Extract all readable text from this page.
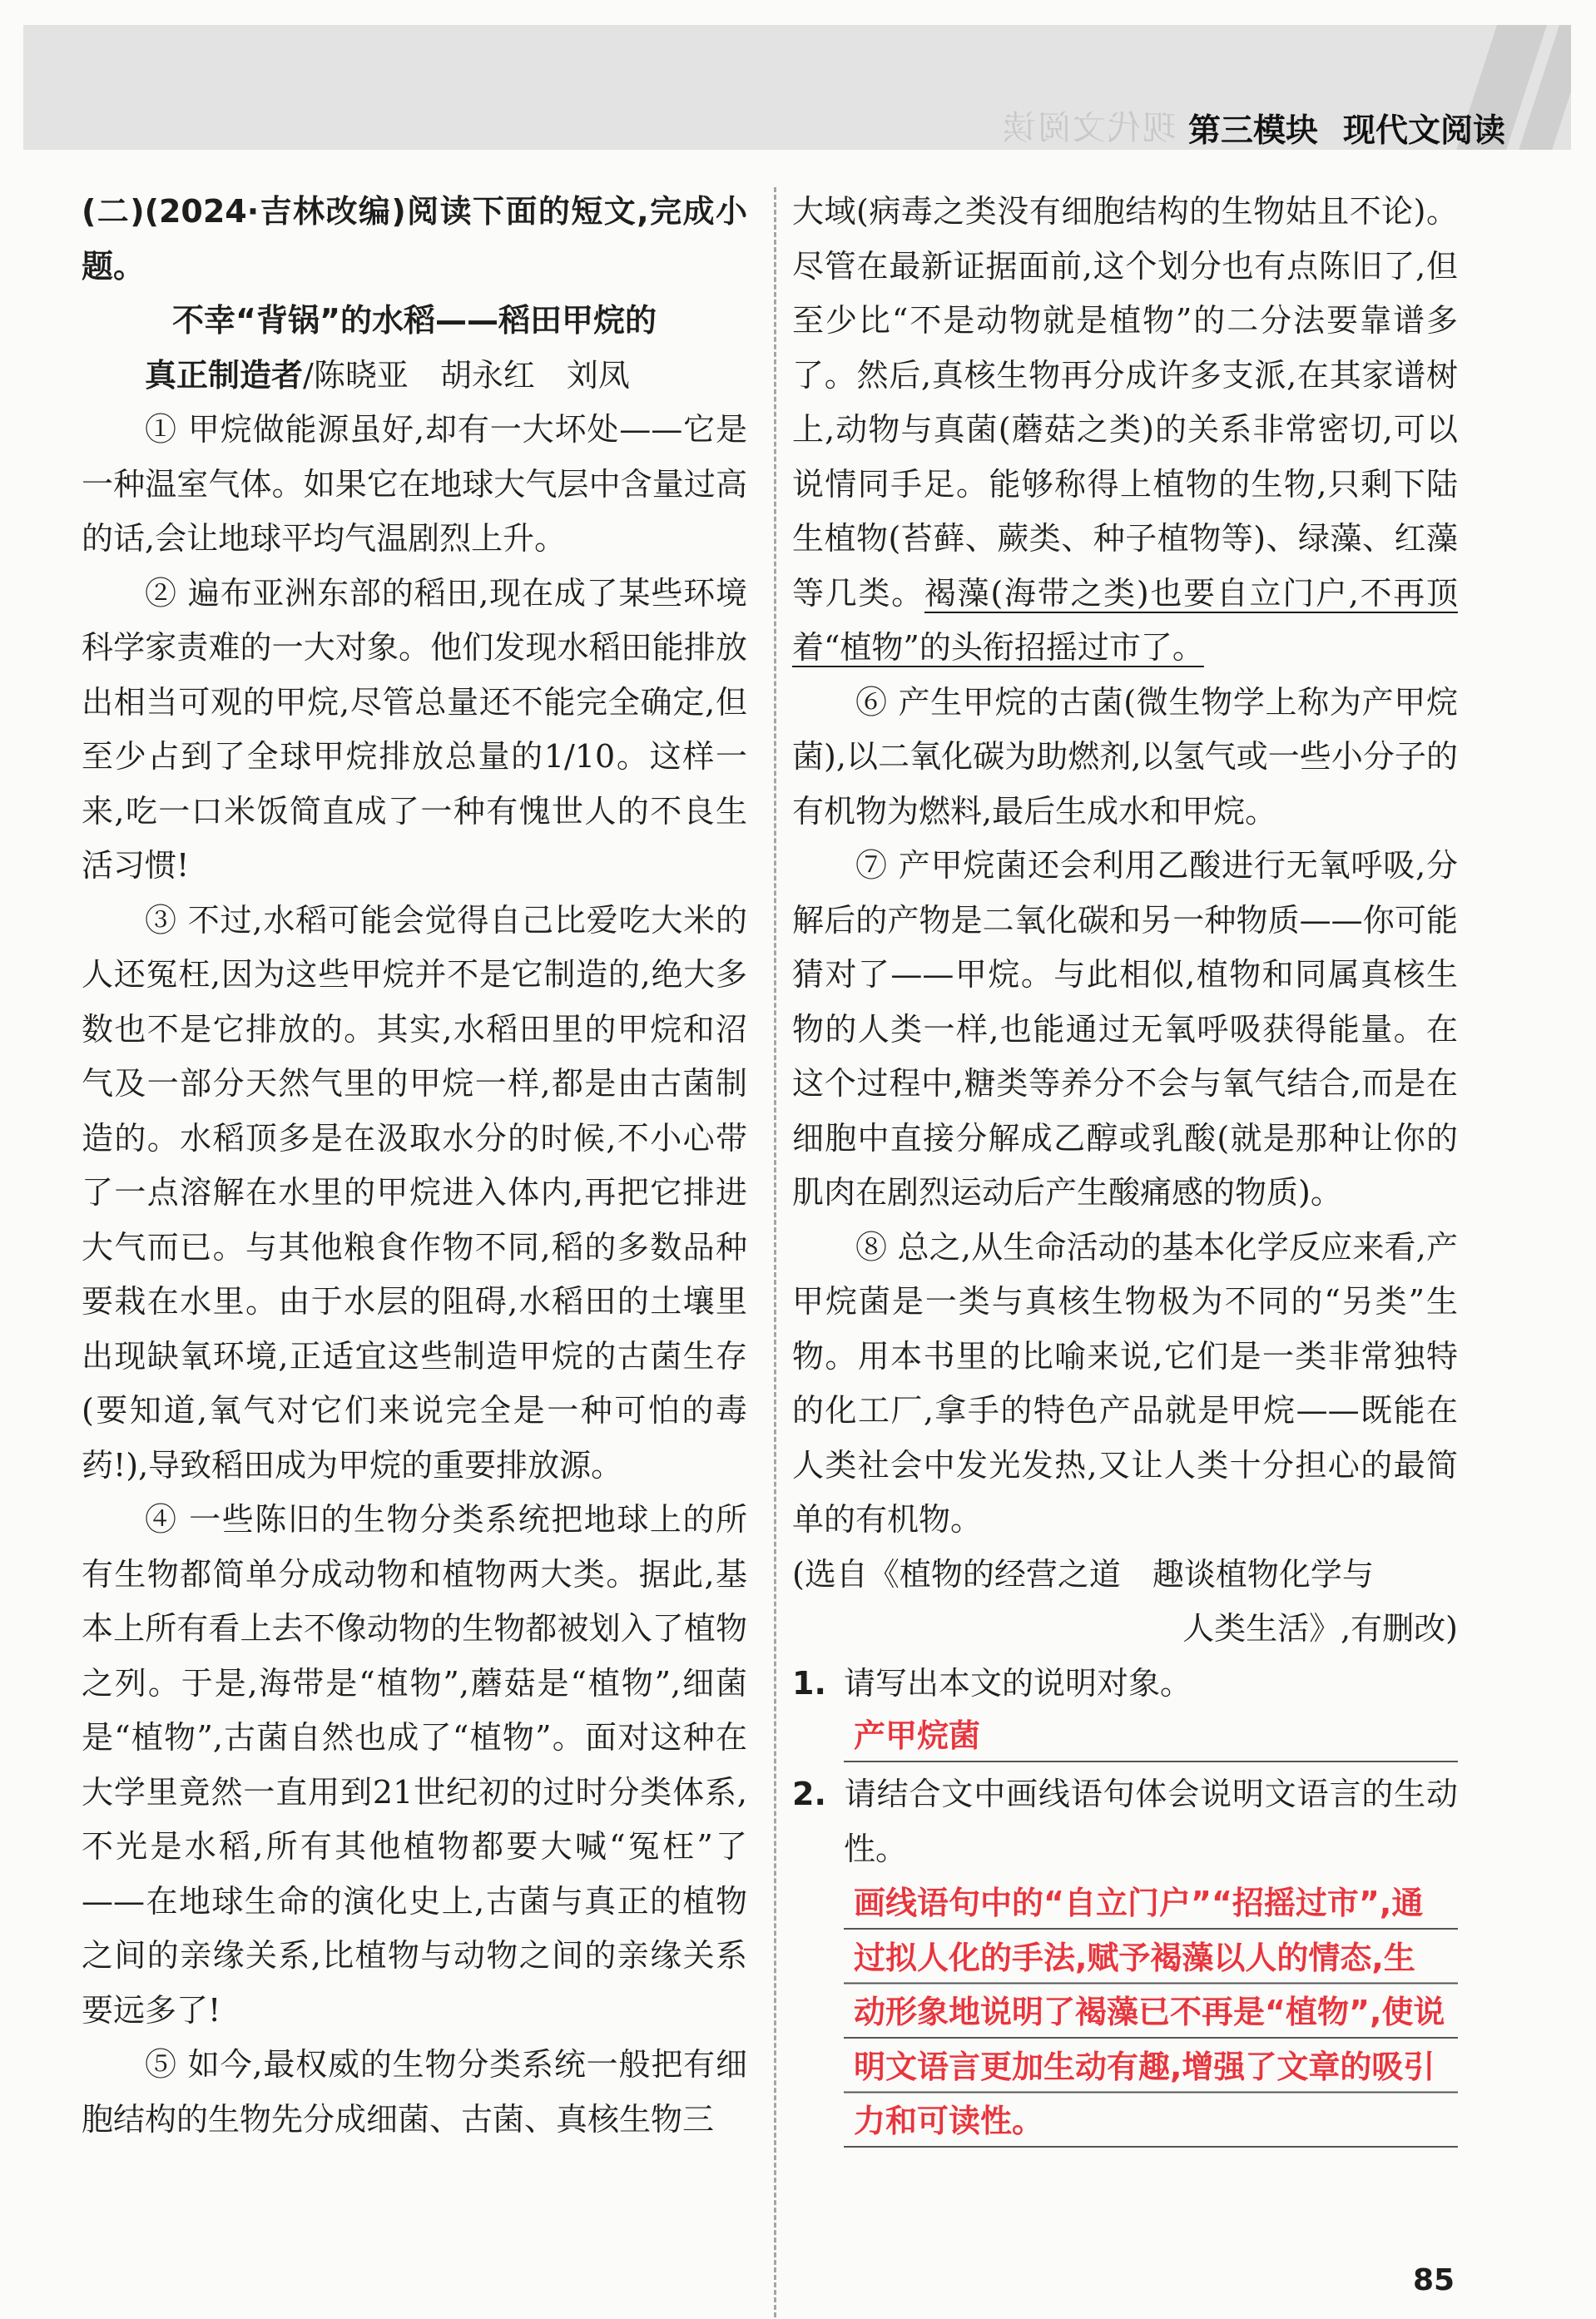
现代文阅读 第三模块 现代文阅读

(二)(2024·吉林改编)阅读下面的短文,完成小题。

不幸“背锅”的水稻——稻田甲烷的

真正制造者/陈晓亚　胡永红　刘凤

① 甲烷做能源虽好,却有一大坏处——它是一种温室气体。如果它在地球大气层中含量过高的话,会让地球平均气温剧烈上升。

② 遍布亚洲东部的稻田,现在成了某些环境科学家责难的一大对象。他们发现水稻田能排放出相当可观的甲烷,尽管总量还不能完全确定,但至少占到了全球甲烷排放总量的1/10。这样一来,吃一口米饭简直成了一种有愧世人的不良生活习惯!

③ 不过,水稻可能会觉得自己比爱吃大米的人还冤枉,因为这些甲烷并不是它制造的,绝大多数也不是它排放的。其实,水稻田里的甲烷和沼气及一部分天然气里的甲烷一样,都是由古菌制造的。水稻顶多是在汲取水分的时候,不小心带了一点溶解在水里的甲烷进入体内,再把它排进大气而已。与其他粮食作物不同,稻的多数品种要栽在水里。由于水层的阻碍,水稻田的土壤里出现缺氧环境,正适宜这些制造甲烷的古菌生存(要知道,氧气对它们来说完全是一种可怕的毒药!),导致稻田成为甲烷的重要排放源。

④ 一些陈旧的生物分类系统把地球上的所有生物都简单分成动物和植物两大类。据此,基本上所有看上去不像动物的生物都被划入了植物之列。于是,海带是“植物”,蘑菇是“植物”,细菌是“植物”,古菌自然也成了“植物”。面对这种在大学里竟然一直用到21世纪初的过时分类体系,不光是水稻,所有其他植物都要大喊“冤枉”了——在地球生命的演化史上,古菌与真正的植物之间的亲缘关系,比植物与动物之间的亲缘关系要远多了!

⑤ 如今,最权威的生物分类系统一般把有细胞结构的生物先分成细菌、古菌、真核生物三

大域(病毒之类没有细胞结构的生物姑且不论)。尽管在最新证据面前,这个划分也有点陈旧了,但至少比“不是动物就是植物”的二分法要靠谱多了。然后,真核生物再分成许多支派,在其家谱树上,动物与真菌(蘑菇之类)的关系非常密切,可以说情同手足。能够称得上植物的生物,只剩下陆生植物(苔藓、蕨类、种子植物等)、绿藻、红藻等几类。褐藻(海带之类)也要自立门户,不再顶着“植物”的头衔招摇过市了。

⑥ 产生甲烷的古菌(微生物学上称为产甲烷菌),以二氧化碳为助燃剂,以氢气或一些小分子的有机物为燃料,最后生成水和甲烷。

⑦ 产甲烷菌还会利用乙酸进行无氧呼吸,分解后的产物是二氧化碳和另一种物质——你可能猜对了——甲烷。与此相似,植物和同属真核生物的人类一样,也能通过无氧呼吸获得能量。在这个过程中,糖类等养分不会与氧气结合,而是在细胞中直接分解成乙醇或乳酸(就是那种让你的肌肉在剧烈运动后产生酸痛感的物质)。

⑧ 总之,从生命活动的基本化学反应来看,产甲烷菌是一类与真核生物极为不同的“另类”生物。用本书里的比喻来说,它们是一类非常独特的化工厂,拿手的特色产品就是甲烷——既能在人类社会中发光发热,又让人类十分担心的最简单的有机物。

(选自《植物的经营之道　趣谈植物化学与

人类生活》,有删改)

1. 请写出本文的说明对象。

产甲烷菌

2. 请结合文中画线语句体会说明文语言的生动性。

画线语句中的“自立门户”“招摇过市”,通

过拟人化的手法,赋予褐藻以人的情态,生

动形象地说明了褐藻已不再是“植物”,使说

明文语言更加生动有趣,增强了文章的吸引

力和可读性。

85
